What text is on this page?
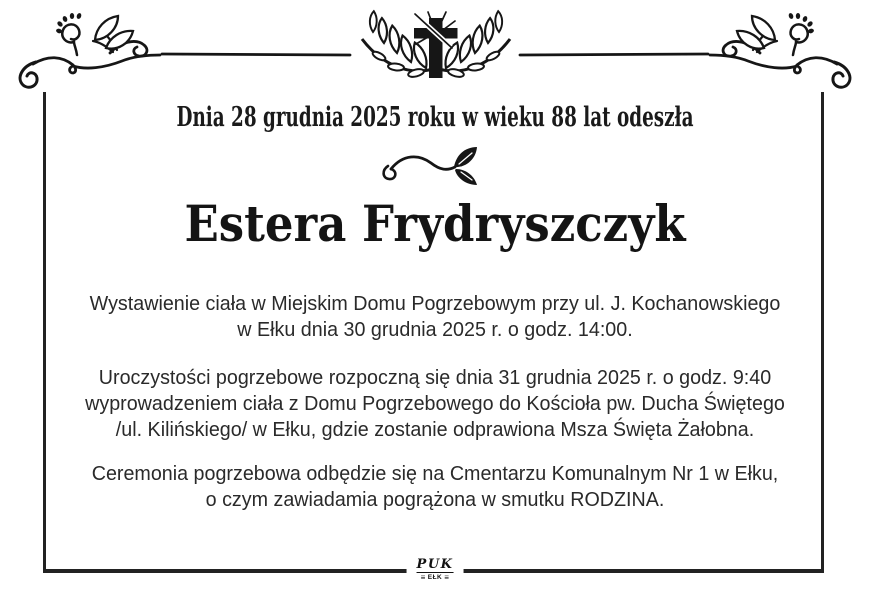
Dnia 28 grudnia 2025 roku w wieku 88 lat odeszła
Estera Frydryszczyk

Wystawienie ciała w Miejskim Domu Pogrzebowym przy ul. J. Kochanowskiego
w Ełku dnia 30 grudnia 2025 r. o godz. 14:00.

Uroczystości pogrzebowe rozpoczną się dnia 31 grudnia 2025 r. o godz. 9:40
wyprowadzeniem ciała z Domu Pogrzebowego do Kościoła pw. Ducha Świętego
/ul. Kilińskiego/ w Ełku, gdzie zostanie odprawiona Msza Święta Żałobna.

Ceremonia pogrzebowa odbędzie się na Cmentarzu Komunalnym Nr 1 w Ełku,
o czym zawiadamia pogrążona w smutku RODZINA.

PUK
≡ EŁK ≡
